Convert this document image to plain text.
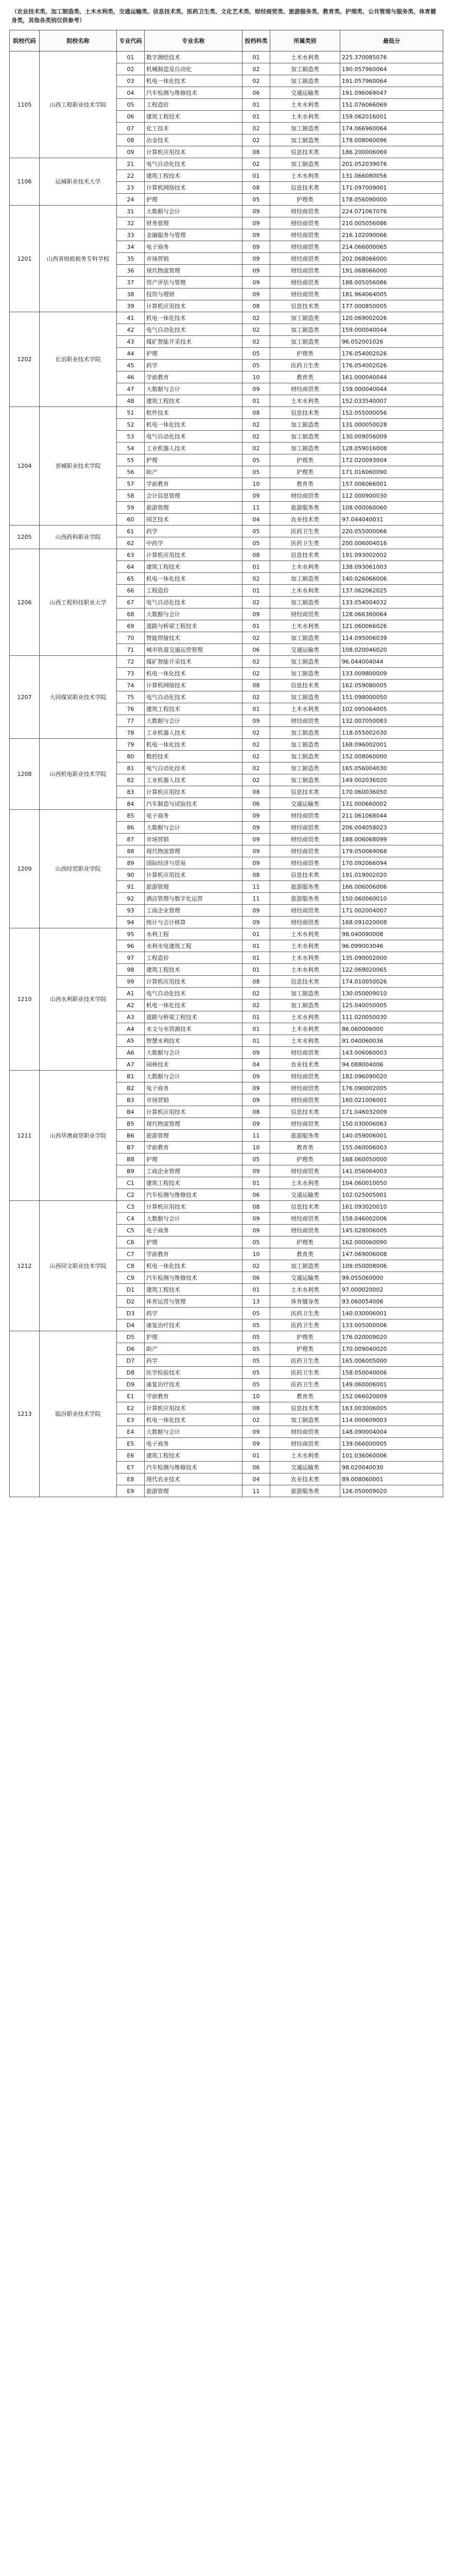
（农业技术类、加工制造类、土木水利类、交通运输类、信息技术类、医药卫生类、文化艺术类、财经商贸类、旅游服务类、教育类、护理类、公共管理与服务类、体育健身类，其他各类别仅供参考）
院校代码	院校名称	专业代码	专业名称	投档科类	所属类别	最低分
1105	山西工程职业技术学院	01	数字测绘技术	01	土木水利类	225.370085076
		02	机械制造及自动化	02	加工制造类	190.057960064
		03	机电一体化技术	02	加工制造类	191.057960064
		04	汽车检测与维修技术	06	交通运输类	191.096069047
		05	工程造价	01	土木水利类	151.076066069
		06	建筑工程技术	01	土木水利类	159.062016001
		07	化工技术	02	加工制造类	174.066960064
		08	冶金技术	02	加工制造类	178.008060096
		09	计算机应用技术	08	信息技术类	186.200006069
1106	运城职业技术大学	21	电气自动化技术	02	加工制造类	201.052039076
		22	建筑工程技术	01	土木水利类	131.066080056
		23	计算机网络技术	08	信息技术类	171.097009001
		24	护理	05	护理类	178.056090000
1201	山西省财政税务专科学校	31	大数据与会计	09	财经商贸类	224.071067076
		32	财务管理	09	财经商贸类	210.005056086
		33	金融服务与管理	09	财经商贸类	216.102090066
		34	电子商务	09	财经商贸类	214.066000065
		35	市场营销	09	财经商贸类	202.068066000
		36	现代物流管理	09	财经商贸类	191.068066000
		37	资产评估与管理	09	财经商贸类	188.005056086
		38	投资与理财	09	财经商贸类	181.964064005
		39	计算机应用技术	08	信息技术类	177.000850005
1202	长治职业技术学院	41	机电一体化技术	02	加工制造类	120.069002026
		42	电气自动化技术	02	加工制造类	159.000040044
		43	煤矿智能开采技术	02	加工制造类	96.052001026
		44	护理	05	护理类	176.054002026
		45	药学	05	医药卫生类	176.054002026
		46	学前教育	10	教育类	161.000040044
		47	大数据与会计	09	财经商贸类	159.000040044
		48	建筑工程技术	01	土木水利类	152.033540007
1204	晋城职业技术学院	51	软件技术	08	信息技术类	152.055000056
		52	机电一体化技术	02	加工制造类	131.000050028
		53	电气自动化技术	02	加工制造类	130.009056009
		54	工业机器人技术	02	加工制造类	128.059016008
		55	护理	05	护理类	172.020093004
		56	助产	05	护理类	171.016060090
		57	学前教育	10	教育类	157.006066001
		58	会计信息管理	09	财经商贸类	112.000900030
		59	旅游管理	11	旅游服务类	108.000060060
		60	园艺技术	04	农业技术类	97.044040031
1205	山西药科职业学院	61	药学	05	医药卫生类	220.055000066
		62	中药学	05	医药卫生类	200.006004016
1206	山西工程科技职业大学	63	计算机应用技术	08	信息技术类	191.093002002
		64	建筑工程技术	01	土木水利类	138.093061003
		65	机电一体化技术	02	加工制造类	140.026066006
		66	工程造价	01	土木水利类	137.062062025
		67	电气自动化技术	02	加工制造类	133.054004032
		68	大数据与会计	09	财经商贸类	128.066360064
		69	道路与桥梁工程技术	01	土木水利类	121.060066026
		70	智能焊接技术	02	加工制造类	114.095006039
		71	城市轨道交通运营管理	06	交通运输类	108.020046020
1207	大同煤炭职业技术学院	72	煤矿智能开采技术	02	加工制造类	96.044004044
		73	机电一体化技术	02	加工制造类	133.009800009
		74	计算机网络技术	08	信息技术类	162.059080005
		75	电气自动化技术	02	加工制造类	151.098000050
		76	建筑工程技术	01	土木水利类	102.095064005
		77	大数据与会计	09	财经商贸类	132.007050083
		78	工业机器人技术	02	加工制造类	118.055002030
1208	山西机电职业技术学院	79	机电一体化技术	02	加工制造类	168.096002001
		80	数控技术	02	加工制造类	152.008060000
		81	电气自动化技术	02	加工制造类	165.056004030
		82	工业机器人技术	02	加工制造类	149.002036020
		83	计算机应用技术	08	信息技术类	170.060036050
		84	汽车制造与试验技术	06	交通运输类	131.000660002
1209	山西经贸职业学院	85	电子商务	09	财经商贸类	211.061068044
		86	大数据与会计	09	财经商贸类	206.004058023
		87	市场营销	09	财经商贸类	188.006068099
		88	现代物流管理	09	财经商贸类	179.050069068
		89	国际经济与贸易	09	财经商贸类	170.092066094
		90	计算机应用技术	08	信息技术类	191.019002020
		91	旅游管理	11	旅游服务类	166.006006006
		92	酒店管理与数字化运营	11	旅游服务类	150.060060010
		93	工商企业管理	09	财经商贸类	171.002004007
		94	统计与会计核算	09	财经商贸类	168.091020008
1210	山西水利职业技术学院	95	水利工程	01	土木水利类	98.040090008
		96	水利水电建筑工程	01	土木水利类	96.099003046
		97	工程造价	01	土木水利类	135.090002000
		98	建筑工程技术	01	土木水利类	122.069020065
		99	计算机应用技术	08	信息技术类	174.010050026
		A1	电气自动化技术	02	加工制造类	130.050009010
		A2	机电一体化技术	02	加工制造类	125.040050005
		A3	道路与桥梁工程技术	01	土木水利类	111.020050030
		A4	水文与水资源技术	01	土木水利类	86.060006000
		A5	智慧水利技术	01	土木水利类	91.040060036
		A6	大数据与会计	09	财经商贸类	143.006060003
		A7	园林技术	04	农业技术类	94.088004006
1211	山西华澳商贸职业学院	B1	大数据与会计	09	财经商贸类	182.096090020
		B2	电子商务	09	财经商贸类	176.090002005
		B3	市场营销	09	财经商贸类	160.021006001
		B4	计算机应用技术	08	信息技术类	171.046032009
		B5	现代物流管理	09	财经商贸类	150.030006063
		B6	旅游管理	11	旅游服务类	140.059006001
		B7	学前教育	10	教育类	155.060006003
		B8	护理	05	护理类	168.060050000
		B9	工商企业管理	09	财经商贸类	141.056064003
		C1	建筑工程技术	01	土木水利类	104.060010050
		C2	汽车检测与维修技术	06	交通运输类	102.025005001
1212	山西同文职业技术学院	C3	计算机应用技术	08	信息技术类	161.093020010
		C4	大数据与会计	09	财经商贸类	158.046002006
		C5	电子商务	09	财经商贸类	145.028006005
		C6	护理	05	护理类	162.000060090
		C7	学前教育	10	教育类	147.069006008
		C8	机电一体化技术	02	加工制造类	109.050008006
		C9	汽车检测与维修技术	06	交通运输类	99.055060000
		D1	建筑工程技术	01	土木水利类	97.000020002
		D2	体育运营与管理	13	体育健身类	93.060054006
		D3	药学	05	医药卫生类	140.030006001
		D4	康复治疗技术	05	医药卫生类	133.005000006
1213	临汾职业技术学院	D5	护理	05	护理类	176.020009020
		D6	助产	05	护理类	170.009040020
		D7	药学	05	医药卫生类	165.006005000
		D8	医学检验技术	05	医药卫生类	158.050040006
		D9	康复治疗技术	05	医药卫生类	149.060006001
		E1	学前教育	10	教育类	152.066020009
		E2	计算机应用技术	08	信息技术类	163.003006005
		E3	机电一体化技术	02	加工制造类	114.000609003
		E4	大数据与会计	09	财经商贸类	148.090004004
		E5	电子商务	09	财经商贸类	139.066000005
		E6	建筑工程技术	01	土木水利类	101.036060006
		E7	汽车检测与维修技术	06	交通运输类	98.020040030
		E8	现代农业技术	04	农业技术类	89.008060001
		E9	旅游管理	11	旅游服务类	126.050009020
